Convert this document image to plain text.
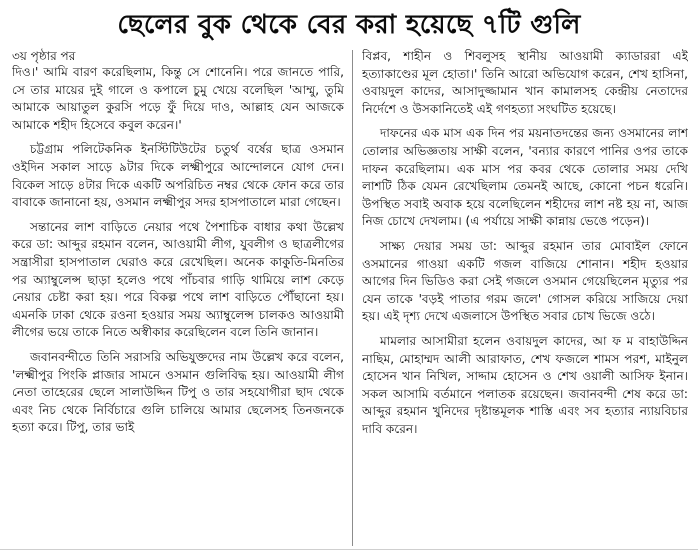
ছেলের বুক থেকে বের করা হয়েছে ৭টি গুলি

৩য় পৃষ্ঠার পর

দিও।' আমি বারণ করেছিলাম, কিন্তু সে শোনেনি। পরে জানতে পারি, সে তার মায়ের দুই গালে ও কপালে চুমু খেয়ে বলেছিল 'আম্মু, তুমি আমাকে আয়াতুল কুরসি পড়ে ফুঁ দিয়ে দাও, আল্লাহ যেন আজকে আমাকে শহীদ হিসেবে কবুল করেন।'

চট্টগ্রাম পলিটেকনিক ইনস্টিটিউটের চতুর্থ বর্ষের ছাত্র ওসমান ওইদিন সকাল সাড়ে ৯টার দিকে লক্ষ্মীপুরে আন্দোলনে যোগ দেন। বিকেল সাড়ে ৪টার দিকে একটি অপরিচিত নম্বর থেকে ফোন করে তার বাবাকে জানানো হয়, ওসমান লক্ষ্মীপুর সদর হাসপাতালে মারা গেছেন।

সন্তানের লাশ বাড়িতে নেয়ার পথে পৈশাচিক বাধার কথা উল্লেখ করে ডা: আব্দুর রহমান বলেন, আওয়ামী লীগ, যুবলীগ ও ছাত্রলীগের সন্ত্রাসীরা হাসপাতাল ঘেরাও করে রেখেছিল। অনেক কাকুতি-মিনতির পর অ্যাম্বুলেন্স ছাড়া হলেও পথে পাঁচবার গাড়ি থামিয়ে লাশ কেড়ে নেয়ার চেষ্টা করা হয়। পরে বিকল্প পথে লাশ বাড়িতে পৌঁছানো হয়। এমনকি ঢাকা থেকে রওনা হওয়ার সময় অ্যাম্বুলেন্স চালকও আওয়ামী লীগের ভয়ে তাকে নিতে অস্বীকার করেছিলেন বলে তিনি জানান।

জবানবন্দীতে তিনি সরাসরি অভিযুক্তদের নাম উল্লেখ করে বলেন, 'লক্ষ্মীপুর পিংকি প্লাজার সামনে ওসমান গুলিবিদ্ধ হয়। আওয়ামী লীগ নেতা তাহেরের ছেলে সালাউদ্দিন টিপু ও তার সহযোগীরা ছাদ থেকে এবং নিচ থেকে নির্বিচারে গুলি চালিয়ে আমার ছেলেসহ তিনজনকে হত্যা করে। টিপু, তার ভাই

বিপ্লব, শাহীন ও শিবলুসহ স্থানীয় আওয়ামী ক্যাডাররা এই হত্যাকাণ্ডের মূল হোতা।' তিনি আরো অভিযোগ করেন, শেখ হাসিনা, ওবায়দুল কাদের, আসাদুজ্জামান খান কামালসহ কেন্দ্রীয় নেতাদের নির্দেশে ও উসকানিতেই এই গণহত্যা সংঘটিত হয়েছে।

দাফনের এক মাস এক দিন পর ময়নাতদন্তের জন্য ওসমানের লাশ তোলার অভিজ্ঞতায় সাক্ষী বলেন, 'বন্যার কারণে পানির ওপর তাকে দাফন করেছিলাম। এক মাস পর কবর থেকে তোলার সময় দেখি লাশটি ঠিক যেমন রেখেছিলাম তেমনই আছে, কোনো পচন ধরেনি। উপস্থিত সবাই অবাক হয়ে বলেছিলেন শহীদের লাশ নষ্ট হয় না, আজ নিজ চোখে দেখলাম। (এ পর্যায়ে সাক্ষী কান্নায় ভেঙে পড়েন)।

সাক্ষ্য দেয়ার সময় ডা: আব্দুর রহমান তার মোবাইল ফোনে ওসমানের গাওয়া একটি গজল বাজিয়ে শোনান। শহীদ হওয়ার আগের দিন ভিডিও করা সেই গজলে ওসমান গেয়েছিলেন মৃত্যুর পর যেন তাকে 'বড়ই পাতার গরম জলে' গোসল করিয়ে সাজিয়ে দেয়া হয়। এই দৃশ্য দেখে এজলাসে উপস্থিত সবার চোখ ভিজে ওঠে।

মামলার আসামীরা হলেন ওবায়দুল কাদের, আ ফ ম বাহাউদ্দিন নাছিম, মোহাম্মদ আলী আরাফাত, শেখ ফজলে শামস পরশ, মাইনুল হোসেন খান নিখিল, সাদ্দাম হোসেন ও শেখ ওয়ালী আসিফ ইনান। সকল আসামি বর্তমানে পলাতক রয়েছেন। জবানবন্দী শেষ করে ডা: আব্দুর রহমান খুনিদের দৃষ্টান্তমূলক শাস্তি এবং সব হত্যার ন্যায়বিচার দাবি করেন।
